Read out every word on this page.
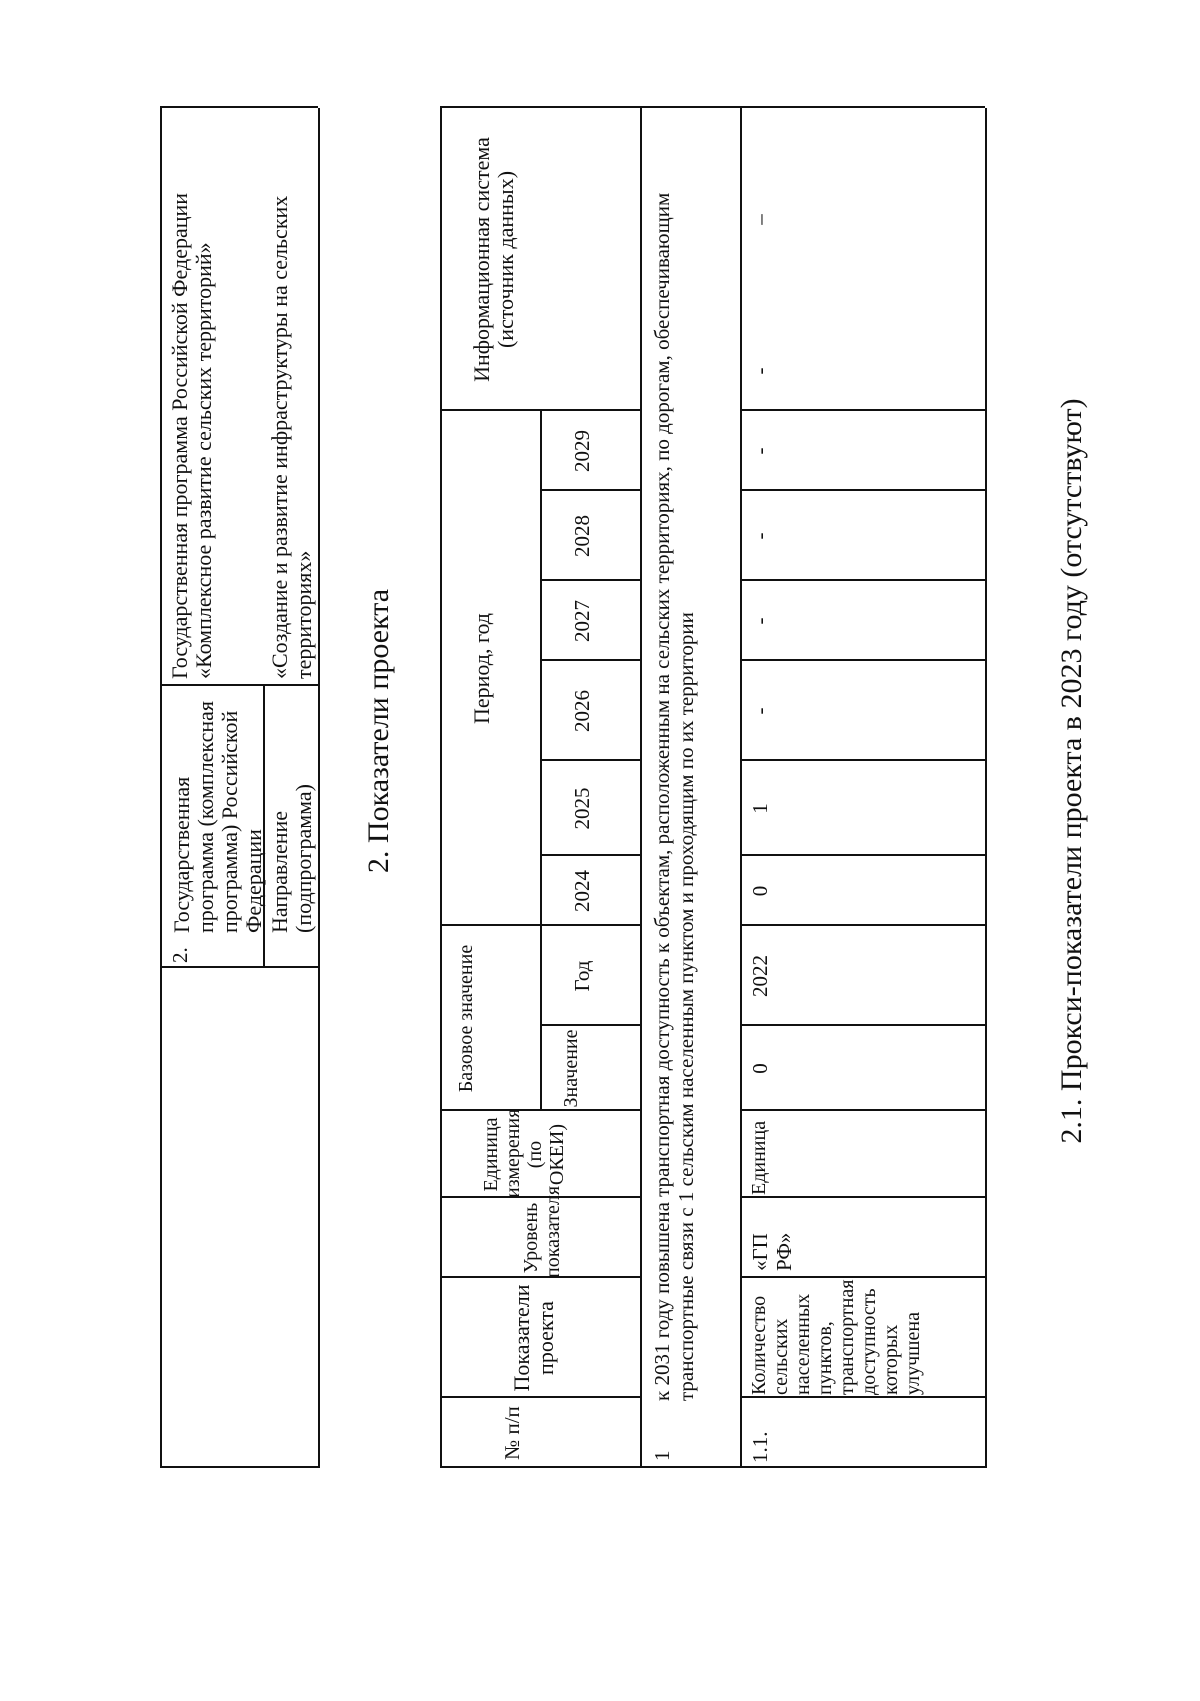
2.
Государственная программа (комплексная программа) Российской Федерации
Государственная программа Российской Федерации «Комплексное развитие сельских территорий»
Направление (подпрограмма)
«Создание и развитие инфраструктуры на сельских территориях» 2. Показатели проекта
№ п/п
Показатели проекта
Уровень показателя
Единица измерения (по ОКЕИ)
Базовое значение	Значение
Год
Период, год
2024
2025
2026
2027
2028
2029
Информационная система (источник данных)
1
к 2031 году повышена транспортная доступность к объектам, расположенным на сельских территориях, по дорогам, обеспечивающим транспортные связи с 1 сельским населенным пунктом и проходящим по их территории
1.1.
Количество сельских населенных пунктов, транспортная доступность которых улучшена
«ГП РФ»
Единица
0
2022
0
1
-
-
-
-
-
–
2.1. Прокси-показатели проекта в 2023 году (отсутствуют)
